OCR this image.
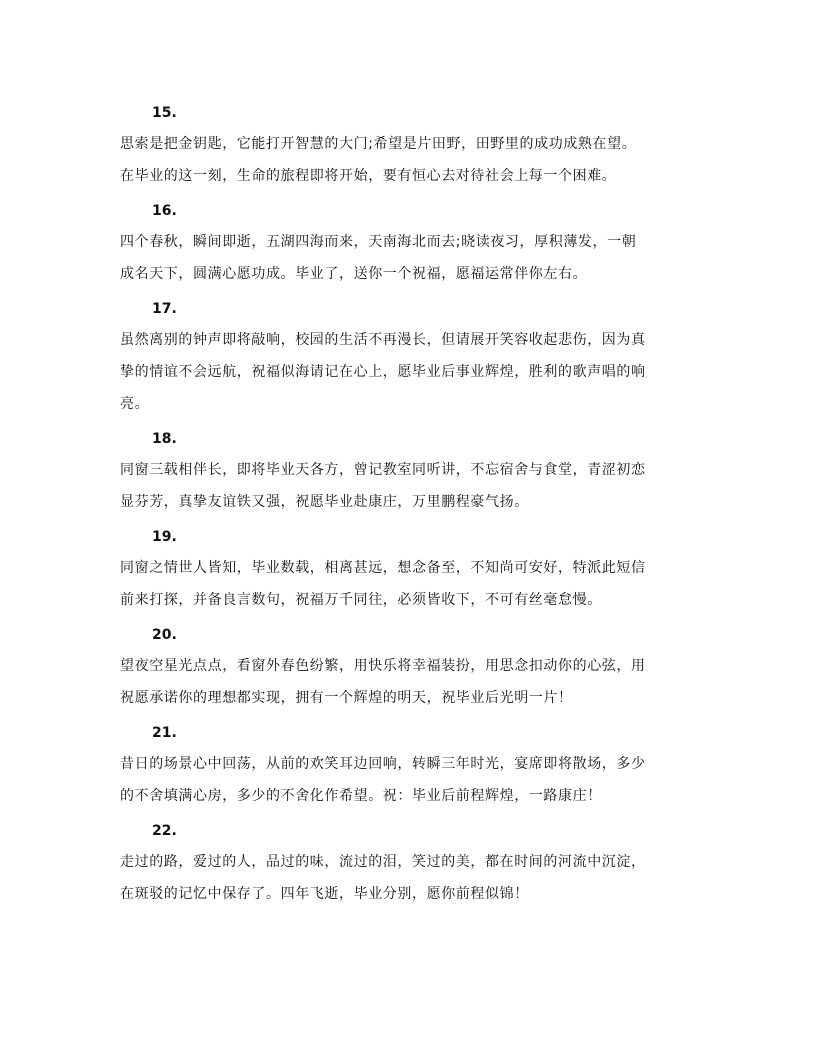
15.

思索是把金钥匙，它能打开智慧的大门;希望是片田野，田野里的成功成熟在望。
在毕业的这一刻，生命的旅程即将开始，要有恒心去对待社会上每一个困难。

16.

四个春秋，瞬间即逝，五湖四海而来，天南海北而去;晓读夜习，厚积薄发，一朝
成名天下，圆满心愿功成。毕业了，送你一个祝福，愿福运常伴你左右。

17.

虽然离别的钟声即将敲响，校园的生活不再漫长，但请展开笑容收起悲伤，因为真
挚的情谊不会远航，祝福似海请记在心上，愿毕业后事业辉煌，胜利的歌声唱的响
亮。

18.

同窗三载相伴长，即将毕业天各方，曾记教室同听讲，不忘宿舍与食堂，青涩初恋
显芬芳，真挚友谊铁又强，祝愿毕业赴康庄，万里鹏程豪气扬。

19.

同窗之情世人皆知，毕业数载，相离甚远，想念备至，不知尚可安好，特派此短信
前来打探，并备良言数句，祝福万千同往，必须皆收下，不可有丝毫怠慢。

20.

望夜空星光点点，看窗外春色纷繁，用快乐将幸福装扮，用思念扣动你的心弦，用
祝愿承诺你的理想都实现，拥有一个辉煌的明天，祝毕业后光明一片！

21.

昔日的场景心中回荡，从前的欢笑耳边回响，转瞬三年时光，宴席即将散场，多少
的不舍填满心房，多少的不舍化作希望。祝：毕业后前程辉煌，一路康庄！

22.

走过的路，爱过的人，品过的味，流过的泪，笑过的美，都在时间的河流中沉淀，
在斑驳的记忆中保存了。四年飞逝，毕业分别，愿你前程似锦！
